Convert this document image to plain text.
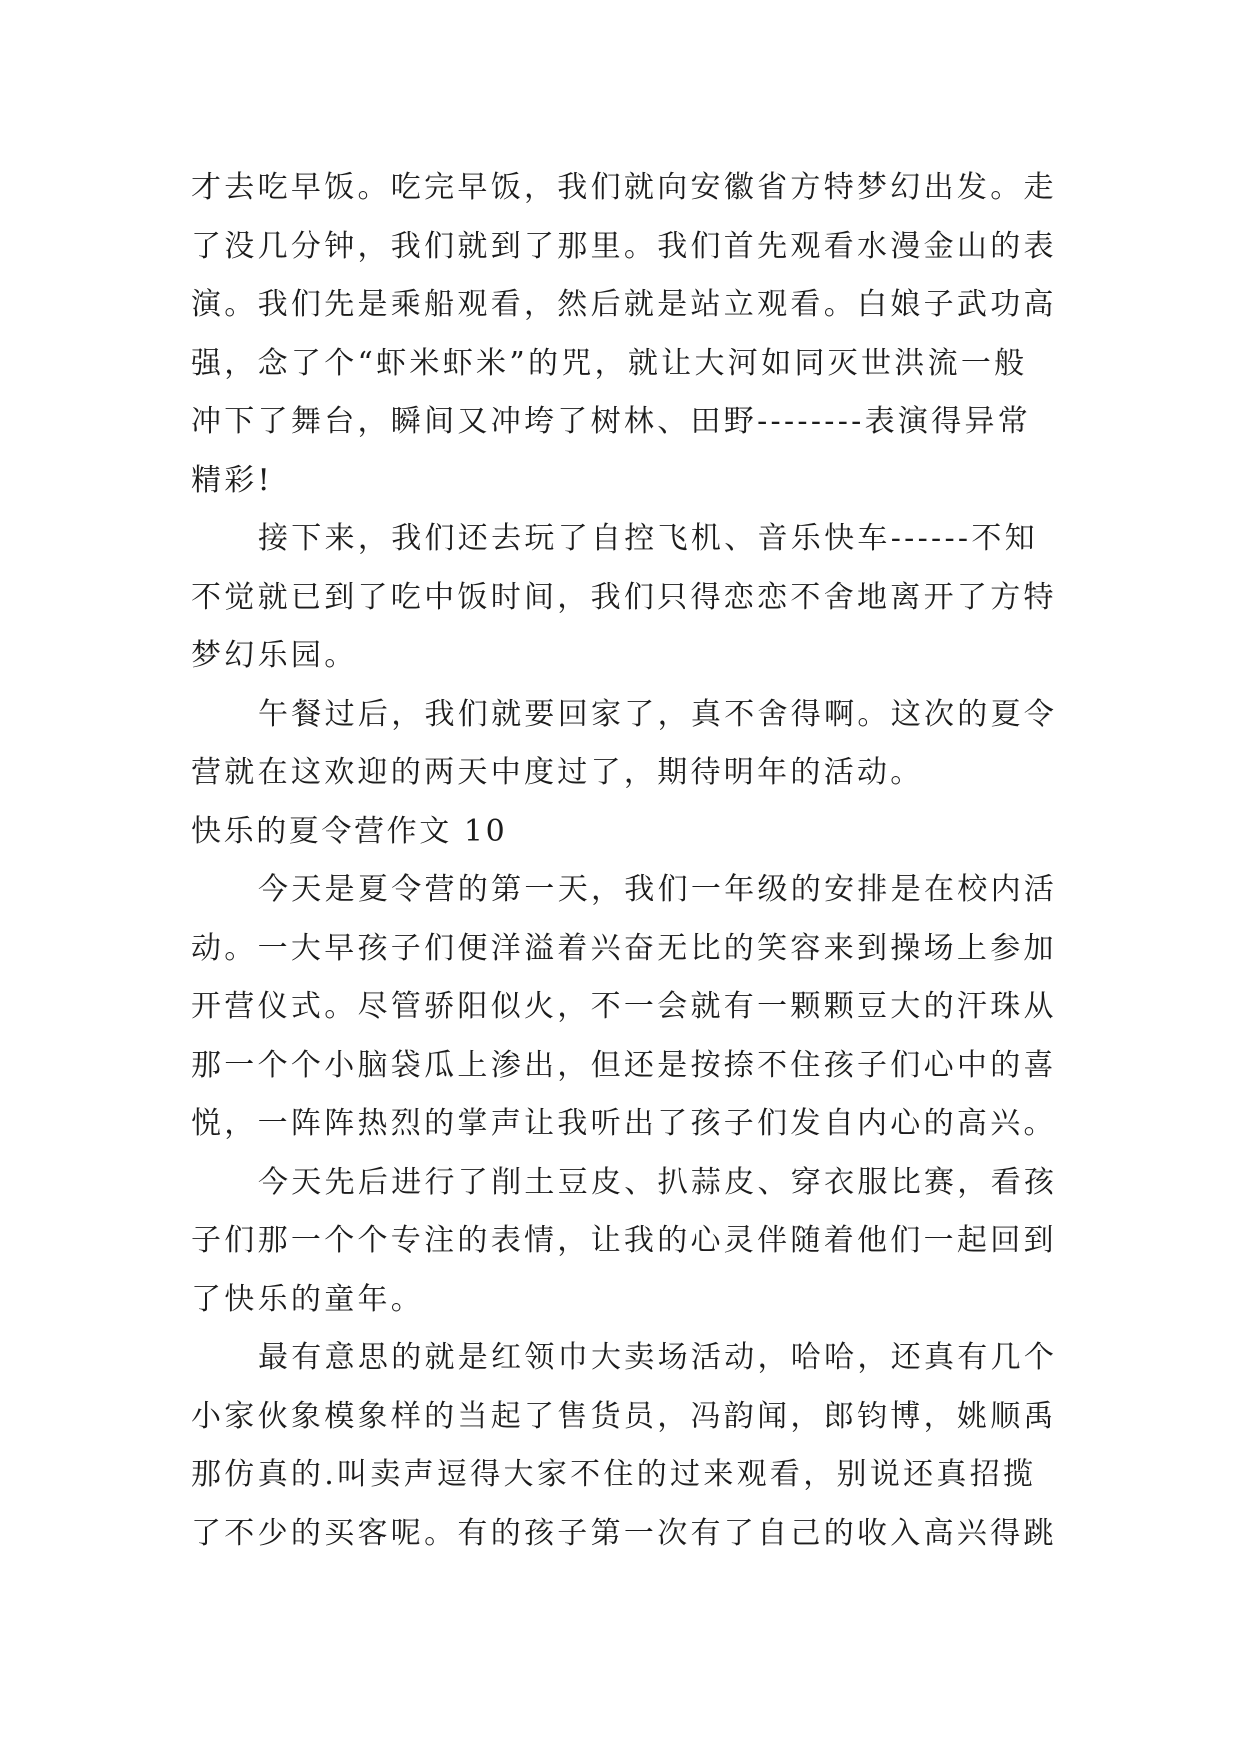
才去吃早饭。吃完早饭，我们就向安徽省方特梦幻出发。走
了没几分钟，我们就到了那里。我们首先观看水漫金山的表
演。我们先是乘船观看，然后就是站立观看。白娘子武功高
强，念了个“虾米虾米”的咒，就让大河如同灭世洪流一般
冲下了舞台，瞬间又冲垮了树林、田野--------表演得异常
精彩!
接下来，我们还去玩了自控飞机、音乐快车------不知
不觉就已到了吃中饭时间，我们只得恋恋不舍地离开了方特
梦幻乐园。
午餐过后，我们就要回家了，真不舍得啊。这次的夏令
营就在这欢迎的两天中度过了，期待明年的活动。
快乐的夏令营作文 10
今天是夏令营的第一天，我们一年级的安排是在校内活
动。一大早孩子们便洋溢着兴奋无比的笑容来到操场上参加
开营仪式。尽管骄阳似火，不一会就有一颗颗豆大的汗珠从
那一个个小脑袋瓜上渗出，但还是按捺不住孩子们心中的喜
悦，一阵阵热烈的掌声让我听出了孩子们发自内心的高兴。
今天先后进行了削土豆皮、扒蒜皮、穿衣服比赛，看孩
子们那一个个专注的表情，让我的心灵伴随着他们一起回到
了快乐的童年。
最有意思的就是红领巾大卖场活动，哈哈，还真有几个
小家伙象模象样的当起了售货员，冯韵闻，郎钧博，姚顺禹
那仿真的.叫卖声逗得大家不住的过来观看，别说还真招揽
了不少的买客呢。有的孩子第一次有了自己的收入高兴得跳
